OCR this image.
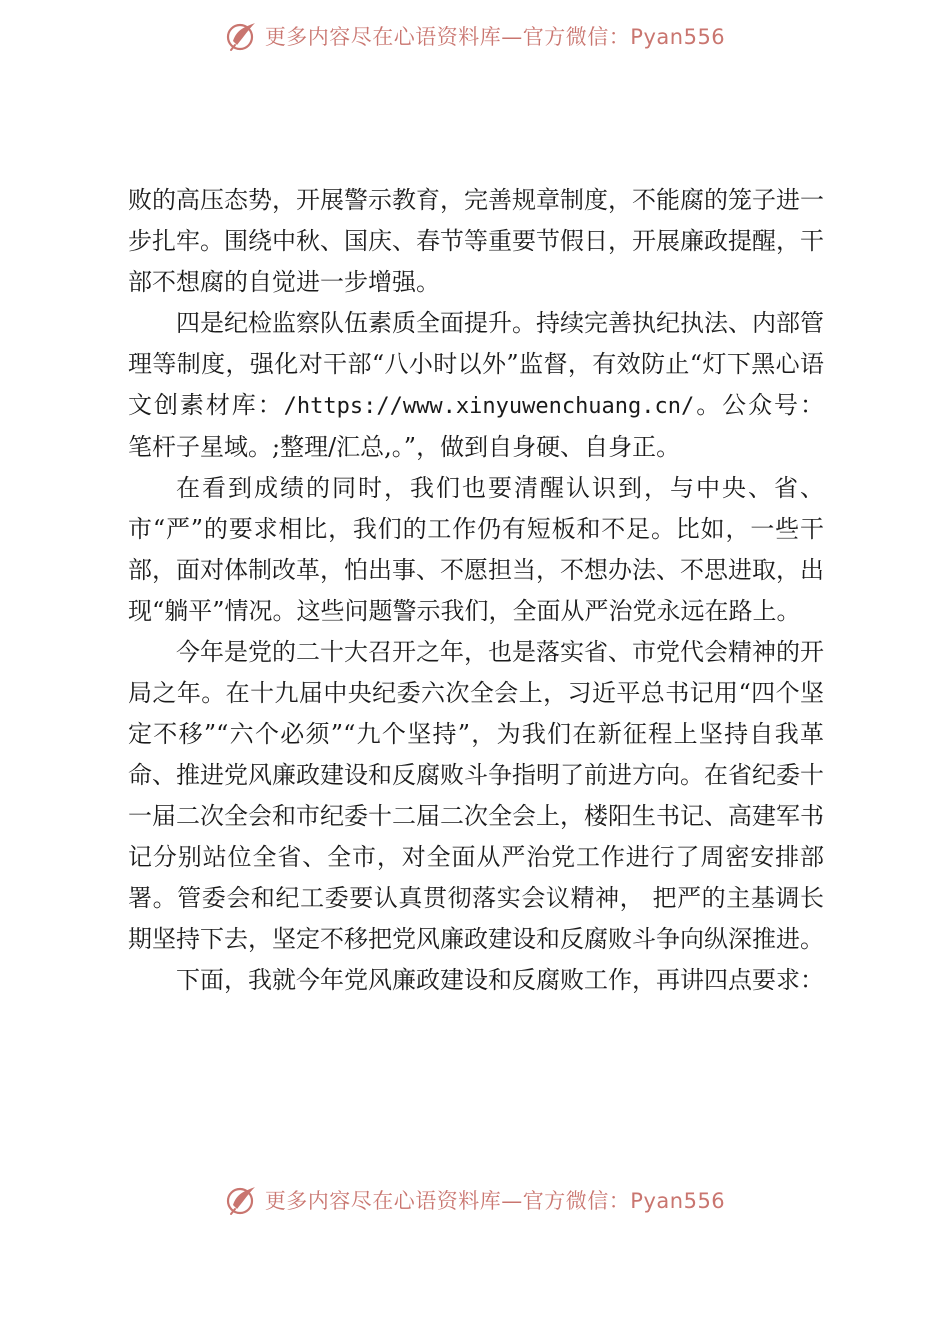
更多内容尽在心语资料库—官方微信：Pyan556

败的高压态势，开展警示教育，完善规章制度，不能腐的笼子进一步扎牢。围绕中秋、国庆、春节等重要节假日，开展廉政提醒，干部不想腐的自觉进一步增强。

四是纪检监察队伍素质全面提升。持续完善执纪执法、内部管理等制度，强化对干部“八小时以外”监督，有效防止“灯下黑心语文创素材库：/https://www.xinyuwenchuang.cn/。公众号：笔杆子星域。;整理/汇总,。”，做到自身硬、自身正。

在看到成绩的同时，我们也要清醒认识到，与中央、省、市“严”的要求相比，我们的工作仍有短板和不足。比如，一些干部，面对体制改革，怕出事、不愿担当，不想办法、不思进取，出现“躺平”情况。这些问题警示我们，全面从严治党永远在路上。

今年是党的二十大召开之年，也是落实省、市党代会精神的开局之年。在十九届中央纪委六次全会上，习近平总书记用“四个坚定不移”“六个必须”“九个坚持”，为我们在新征程上坚持自我革命、推进党风廉政建设和反腐败斗争指明了前进方向。在省纪委十一届二次全会和市纪委十二届二次全会上，楼阳生书记、高建军书记分别站位全省、全市，对全面从严治党工作进行了周密安排部署。管委会和纪工委要认真贯彻落实会议精神， 把严的主基调长期坚持下去，坚定不移把党风廉政建设和反腐败斗争向纵深推进。

下面，我就今年党风廉政建设和反腐败工作，再讲四点要求：

更多内容尽在心语资料库—官方微信：Pyan556
